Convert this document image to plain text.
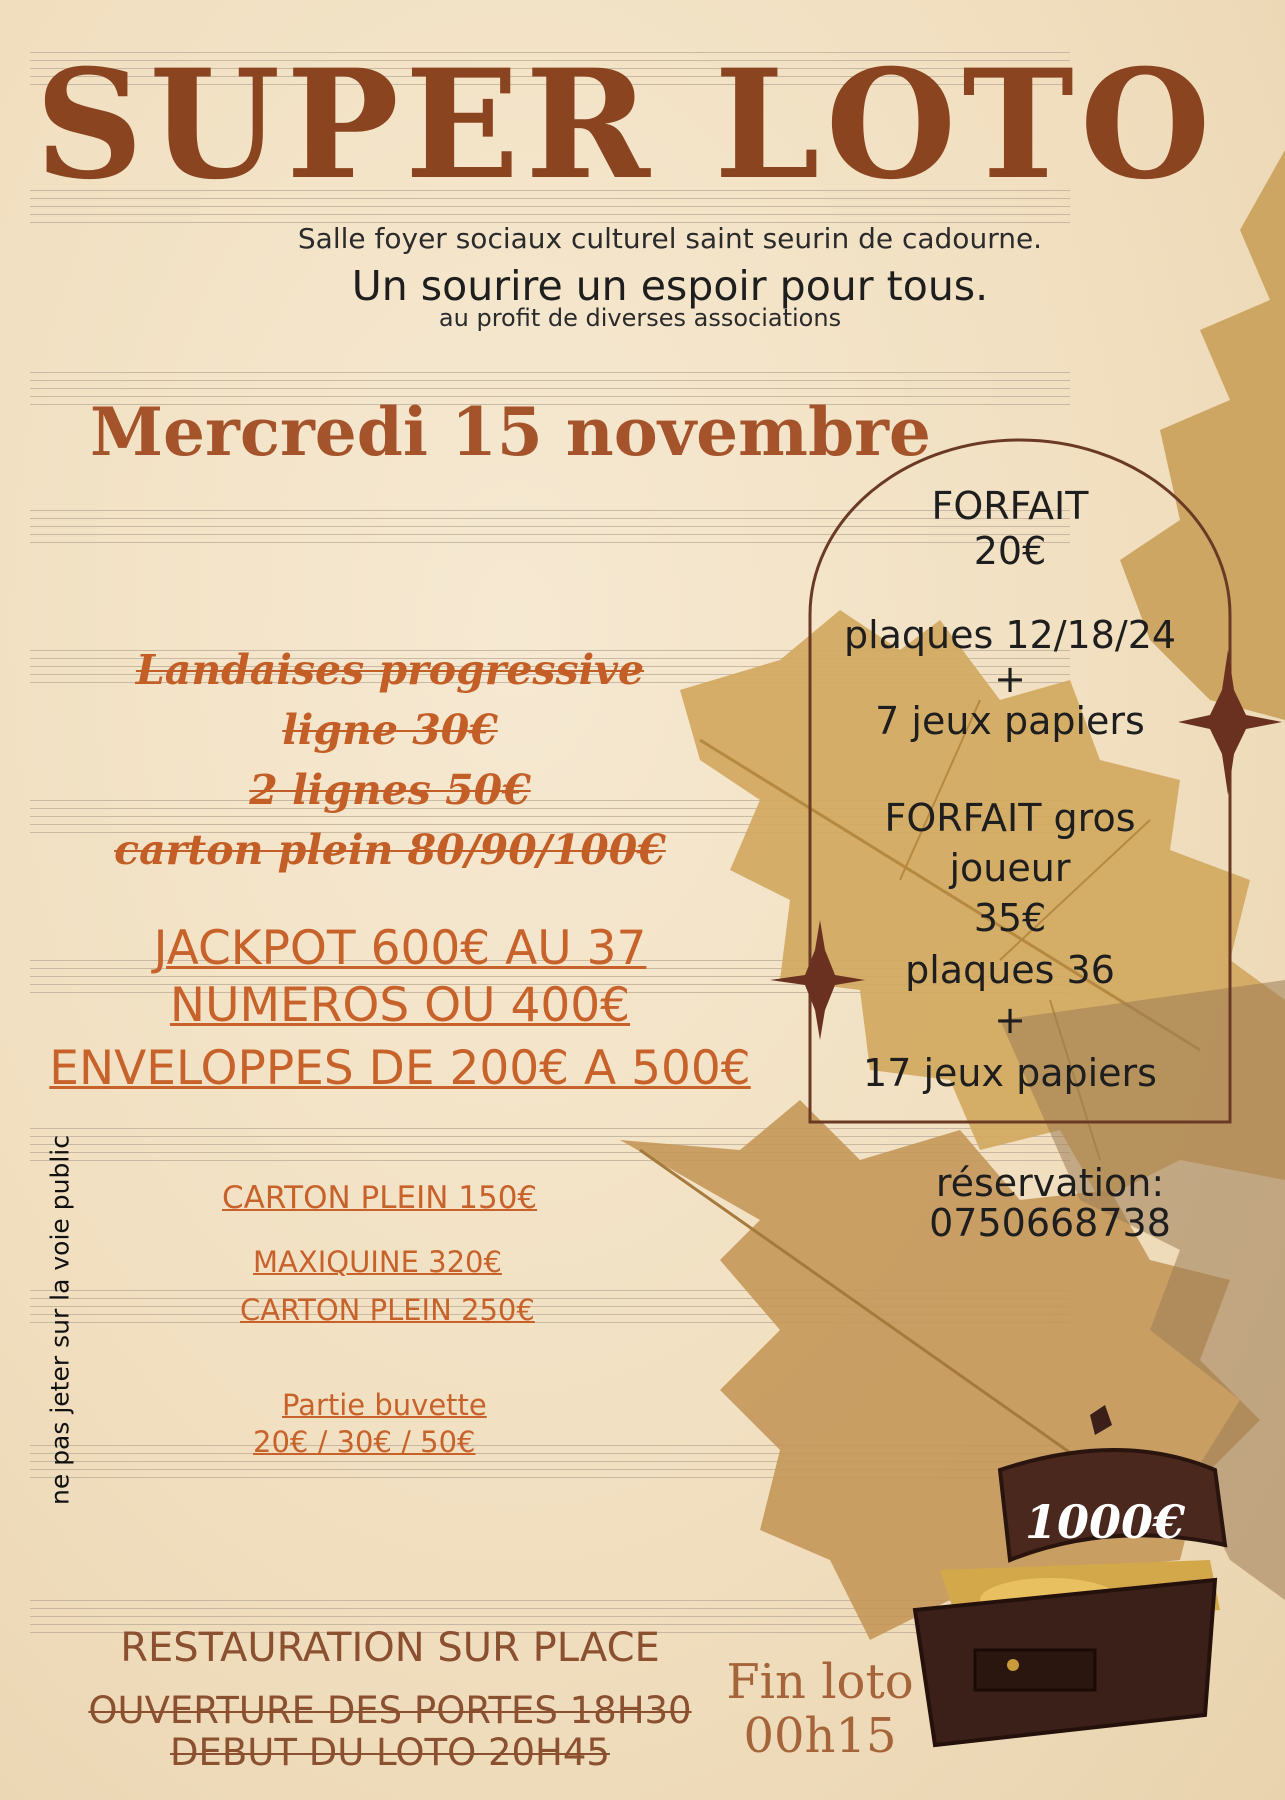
SUPER LOTO
Salle foyer sociaux culturel saint seurin de cadourne.
Un sourire un espoir pour tous.
au profit de diverses associations
Mercredi 15 novembre
Landaises progressive
ligne 30€
2 lignes 50€
carton plein 80/90/100€
JACKPOT 600€ AU 37
NUMEROS OU 400€
ENVELOPPES DE 200€ A 500€
CARTON PLEIN 150€
MAXIQUINE 320€
CARTON PLEIN 250€
Partie buvette
20€ / 30€ / 50€
FORFAIT
20€
plaques 12/18/24
+
7 jeux papiers
FORFAIT gros
joueur
35€
plaques 36
+
17 jeux papiers
réservation:
0750668738
ne pas jeter sur la voie public
1000€
RESTAURATION SUR PLACE
OUVERTURE DES PORTES 18H30
DEBUT DU LOTO 20H45
Fin loto
00h15
